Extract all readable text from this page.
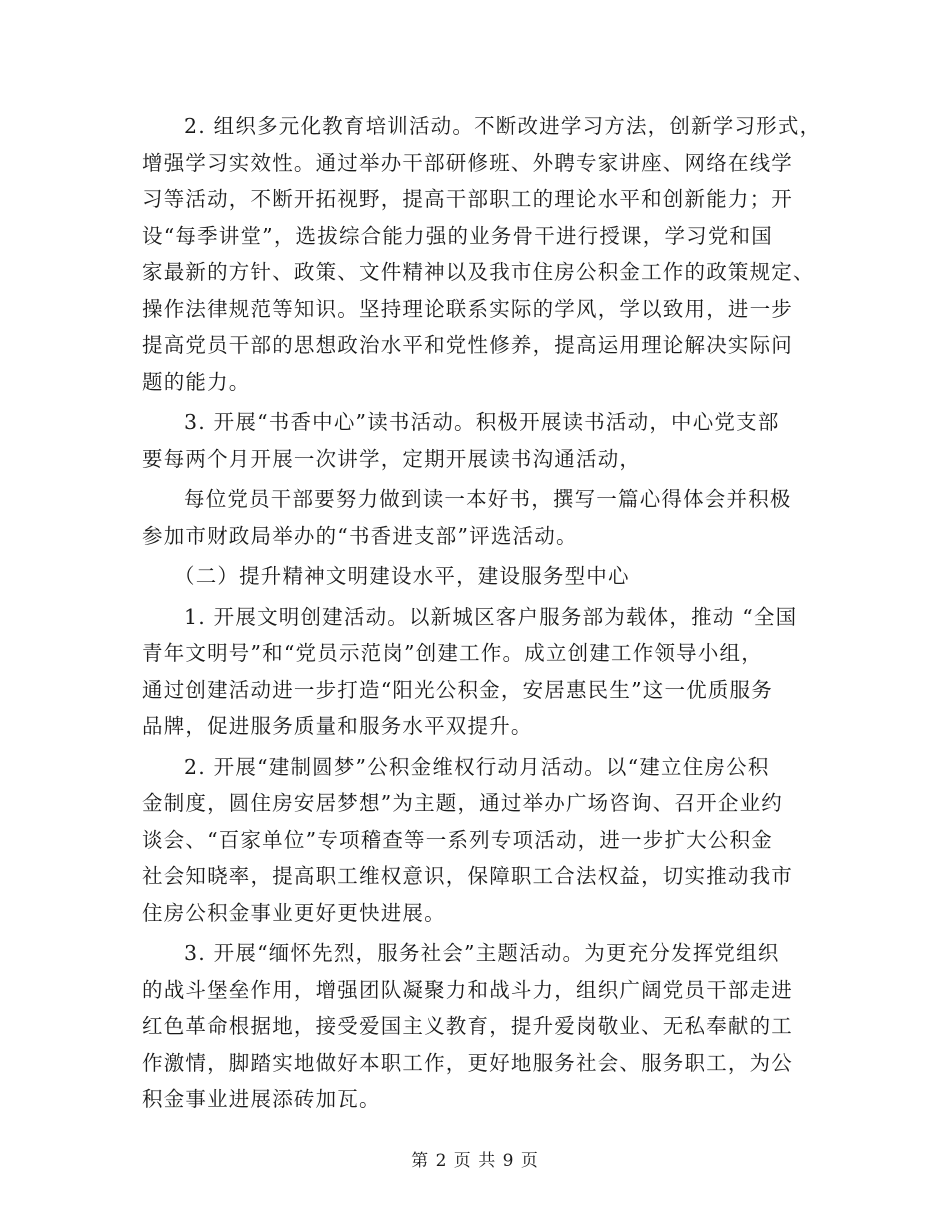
2. 组织多元化教育培训活动。不断改进学习方法，创新学习形式，
增强学习实效性。通过举办干部研修班、外聘专家讲座、网络在线学
习等活动，不断开拓视野，提高干部职工的理论水平和创新能力；开
设“每季讲堂”，选拔综合能力强的业务骨干进行授课，学习党和国
家最新的方针、政策、文件精神以及我市住房公积金工作的政策规定、
操作法律规范等知识。坚持理论联系实际的学风，学以致用，进一步
提高党员干部的思想政治水平和党性修养，提高运用理论解决实际问
题的能力。

3. 开展“书香中心”读书活动。积极开展读书活动，中心党支部
要每两个月开展一次讲学，定期开展读书沟通活动，

每位党员干部要努力做到读一本好书，撰写一篇心得体会并积极
参加市财政局举办的“书香进支部”评选活动。

（二）提升精神文明建设水平，建设服务型中心

1. 开展文明创建活动。以新城区客户服务部为载体，推动 “全国
青年文明号”和“党员示范岗”创建工作。成立创建工作领导小组，
通过创建活动进一步打造“阳光公积金，安居惠民生”这一优质服务
品牌，促进服务质量和服务水平双提升。

2. 开展“建制圆梦”公积金维权行动月活动。以“建立住房公积
金制度，圆住房安居梦想”为主题，通过举办广场咨询、召开企业约
谈会、“百家单位”专项稽查等一系列专项活动，进一步扩大公积金
社会知晓率，提高职工维权意识，保障职工合法权益，切实推动我市
住房公积金事业更好更快进展。

3. 开展“缅怀先烈，服务社会”主题活动。为更充分发挥党组织
的战斗堡垒作用，增强团队凝聚力和战斗力，组织广阔党员干部走进
红色革命根据地，接受爱国主义教育，提升爱岗敬业、无私奉献的工
作激情，脚踏实地做好本职工作，更好地服务社会、服务职工，为公
积金事业进展添砖加瓦。

第 2 页 共 9 页
